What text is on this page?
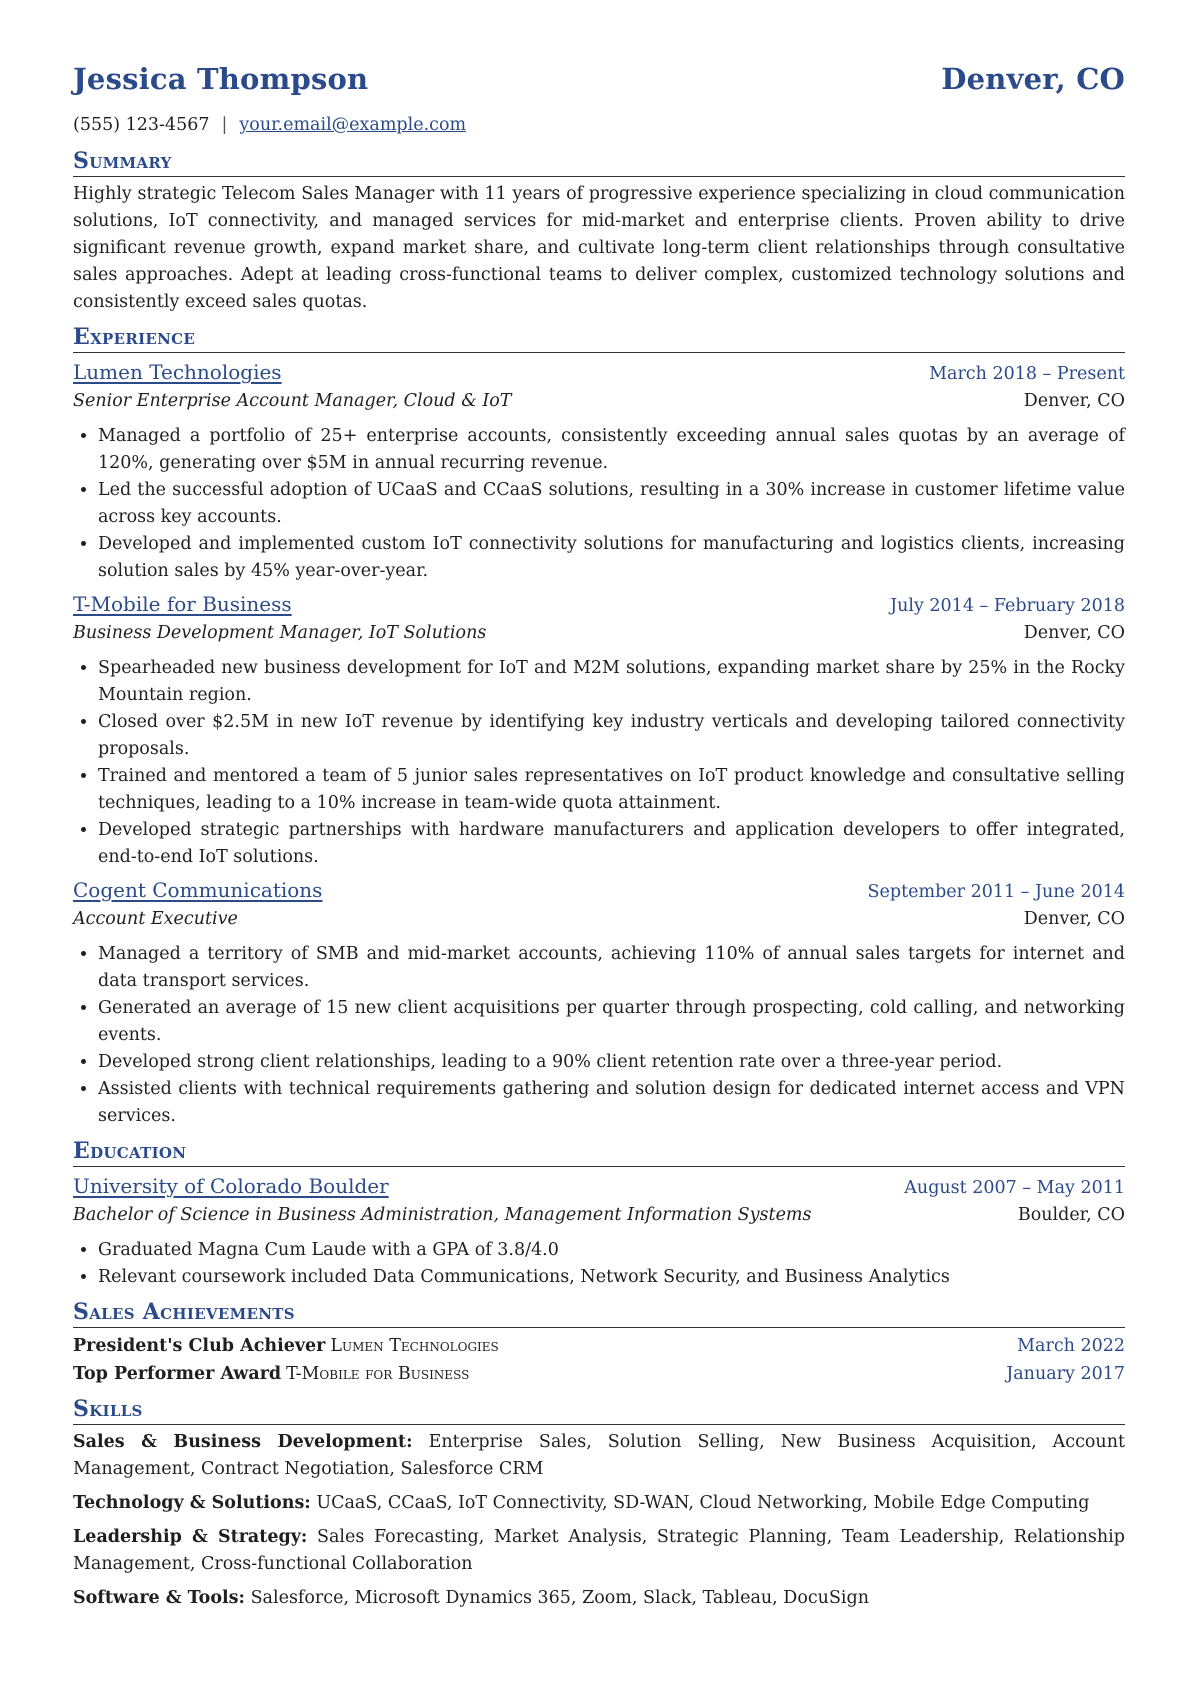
Jessica Thompson	Denver, CO
(555) 123-4567 | your.email@example.com
Summary

Highly strategic Telecom Sales Manager with 11 years of progressive experience specializing in cloud communication solutions, IoT connectivity, and managed services for mid-market and enterprise clients. Proven ability to drive significant revenue growth, expand market share, and cultivate long-term client relationships through consultative sales approaches. Adept at leading cross-functional teams to deliver complex, customized technology solutions and consistently exceed sales quotas.

Experience
Lumen Technologies	March 2018 – Present
Senior Enterprise Account Manager, Cloud & IoT	Denver, CO
• Managed a portfolio of 25+ enterprise accounts, consistently exceeding annual sales quotas by an average of 120%, generating over $5M in annual recurring revenue.
• Led the successful adoption of UCaaS and CCaaS solutions, resulting in a 30% increase in customer lifetime value across key accounts.
• Developed and implemented custom IoT connectivity solutions for manufacturing and logistics clients, increasing solution sales by 45% year-over-year.
T-Mobile for Business	July 2014 – February 2018
Business Development Manager, IoT Solutions	Denver, CO
• Spearheaded new business development for IoT and M2M solutions, expanding market share by 25% in the Rocky Mountain region.
• Closed over $2.5M in new IoT revenue by identifying key industry verticals and developing tailored connectivity proposals.
• Trained and mentored a team of 5 junior sales representatives on IoT product knowledge and consultative selling techniques, leading to a 10% increase in team-wide quota attainment.
• Developed strategic partnerships with hardware manufacturers and application developers to offer integrated, end-to-end IoT solutions.
Cogent Communications	September 2011 – June 2014
Account Executive	Denver, CO
• Managed a territory of SMB and mid-market accounts, achieving 110% of annual sales targets for internet and data transport services.
• Generated an average of 15 new client acquisitions per quarter through prospecting, cold calling, and networking events.
• Developed strong client relationships, leading to a 90% client retention rate over a three-year period.
• Assisted clients with technical requirements gathering and solution design for dedicated internet access and VPN services.
Education
University of Colorado Boulder	August 2007 – May 2011
Bachelor of Science in Business Administration, Management Information Systems	Boulder, CO
• Graduated Magna Cum Laude with a GPA of 3.8/4.0
• Relevant coursework included Data Communications, Network Security, and Business Analytics
Sales Achievements
President's Club Achiever Lumen Technologies	March 2022
Top Performer Award T-Mobile for Business	January 2017
Skills
Sales & Business Development: Enterprise Sales, Solution Selling, New Business Acquisition, Account Management, Contract Negotiation, Salesforce CRM
Technology & Solutions: UCaaS, CCaaS, IoT Connectivity, SD-WAN, Cloud Networking, Mobile Edge Computing
Leadership & Strategy: Sales Forecasting, Market Analysis, Strategic Planning, Team Leadership, Relationship Management, Cross-functional Collaboration
Software & Tools: Salesforce, Microsoft Dynamics 365, Zoom, Slack, Tableau, DocuSign
